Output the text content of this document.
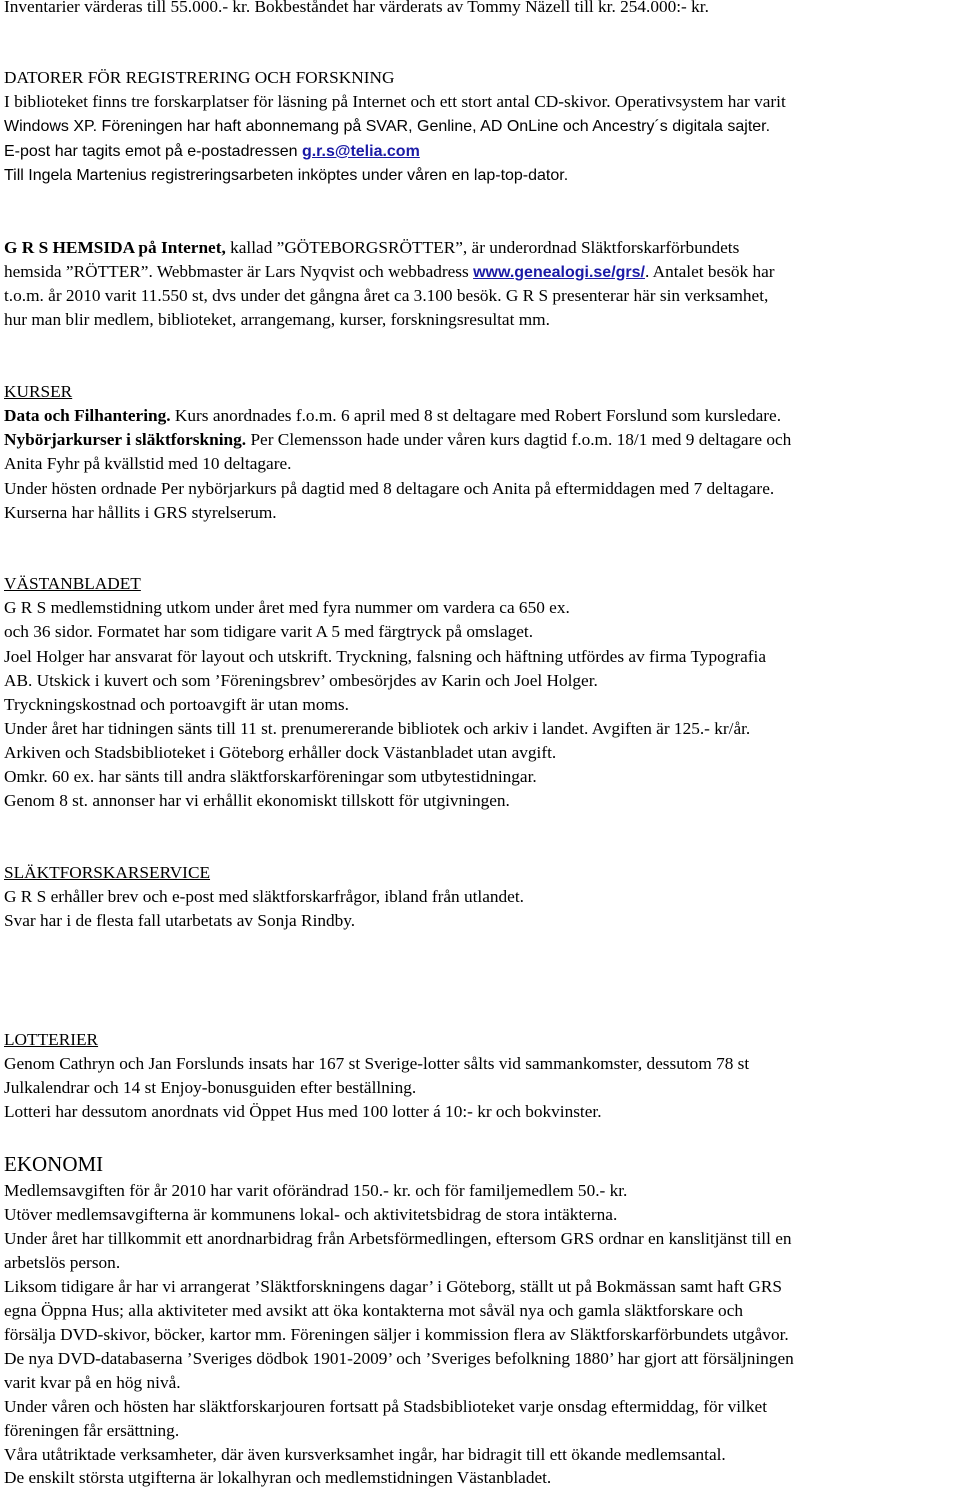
Inventarier värderas till 55.000.- kr. Bokbeståndet har värderats av Tommy Näzell till kr. 254.000:- kr.
DATORER FÖR REGISTRERING OCH FORSKNING
I biblioteket finns tre forskarplatser för läsning på Internet och ett stort antal CD-skivor. Operativsystem har varit
Windows XP. Föreningen har haft abonnemang på SVAR, Genline, AD OnLine och Ancestry´s digitala sajter.
E-post har tagits emot på e-postadressen g.r.s@telia.com
Till Ingela Martenius registreringsarbeten inköptes under våren en lap-top-dator.
G R S HEMSIDA på Internet, kallad ”GÖTEBORGSRÖTTER”, är underordnad Släktforskarförbundets
hemsida ”RÖTTER”. Webbmaster är Lars Nyqvist och webbadress www.genealogi.se/grs/. Antalet besök har
t.o.m. år 2010 varit 11.550 st, dvs under det gångna året ca 3.100 besök. G R S presenterar här sin verksamhet,
hur man blir medlem, biblioteket, arrangemang, kurser, forskningsresultat mm.
KURSER
Data och Filhantering. Kurs anordnades f.o.m. 6 april med 8 st deltagare med Robert Forslund som kursledare.
Nybörjarkurser i släktforskning. Per Clemensson hade under våren kurs dagtid f.o.m. 18/1 med 9 deltagare och
Anita Fyhr på kvällstid med 10 deltagare.
Under hösten ordnade Per nybörjarkurs på dagtid med 8 deltagare och Anita på eftermiddagen med 7 deltagare.
Kurserna har hållits i GRS styrelserum.
VÄSTANBLADET
G R S medlemstidning utkom under året med fyra nummer om vardera ca 650 ex.
och 36 sidor. Formatet har som tidigare varit A 5 med färgtryck på omslaget.
Joel Holger har ansvarat för layout och utskrift. Tryckning, falsning och häftning utfördes av firma Typografia
AB. Utskick i kuvert och som ’Föreningsbrev’ ombesörjdes av Karin och Joel Holger.
Tryckningskostnad och portoavgift är utan moms.
Under året har tidningen sänts till 11 st. prenumererande bibliotek och arkiv i landet. Avgiften är 125.- kr/år.
Arkiven och Stadsbiblioteket i Göteborg erhåller dock Västanbladet utan avgift.
Omkr. 60 ex. har sänts till andra släktforskarföreningar som utbytestidningar.
Genom 8 st. annonser har vi erhållit ekonomiskt tillskott för utgivningen.
SLÄKTFORSKARSERVICE
G R S erhåller brev och e-post med släktforskarfrågor, ibland från utlandet.
Svar har i de flesta fall utarbetats av Sonja Rindby.
LOTTERIER
Genom Cathryn och Jan Forslunds insats har 167 st Sverige-lotter sålts vid sammankomster, dessutom 78 st
Julkalendrar och 14 st Enjoy-bonusguiden efter beställning.
Lotteri har dessutom anordnats vid Öppet Hus med 100 lotter á 10:- kr och bokvinster.
EKONOMI
Medlemsavgiften för år 2010 har varit oförändrad 150.- kr. och för familjemedlem 50.- kr.
Utöver medlemsavgifterna är kommunens lokal- och aktivitetsbidrag de stora intäkterna.
Under året har tillkommit ett anordnarbidrag från Arbetsförmedlingen, eftersom GRS ordnar en kanslitjänst till en
arbetslös person.
Liksom tidigare år har vi arrangerat ’Släktforskningens dagar’ i Göteborg, ställt ut på Bokmässan samt haft GRS
egna Öppna Hus; alla aktiviteter med avsikt att öka kontakterna mot såväl nya och gamla släktforskare och
försälja DVD-skivor, böcker, kartor mm. Föreningen säljer i kommission flera av Släktforskarförbundets utgåvor.
De nya DVD-databaserna ’Sveriges dödbok 1901-2009’ och ’Sveriges befolkning 1880’ har gjort att försäljningen
varit kvar på en hög nivå.
Under våren och hösten har släktforskarjouren fortsatt på Stadsbiblioteket varje onsdag eftermiddag, för vilket
föreningen får ersättning.
Våra utåtriktade verksamheter, där även kursverksamhet ingår, har bidragit till ett ökande medlemsantal.
De enskilt största utgifterna är lokalhyran och medlemstidningen Västanbladet.
